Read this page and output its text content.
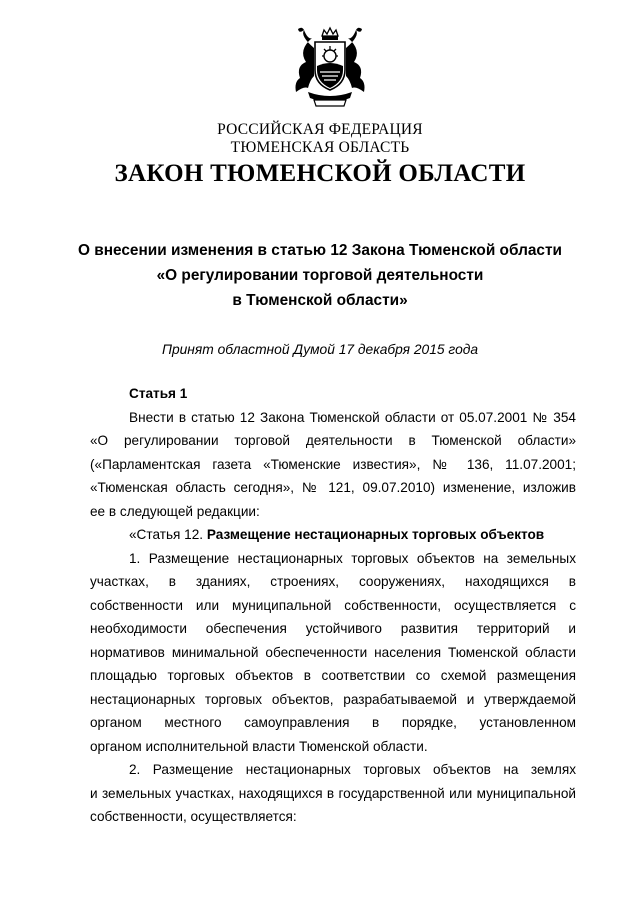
РОССИЙСКАЯ ФЕДЕРАЦИЯ
ТЮМЕНСКАЯ ОБЛАСТЬ
ЗАКОН ТЮМЕНСКОЙ ОБЛАСТИ
О внесении изменения в статью 12 Закона Тюменской области
«О регулировании торговой деятельности
в Тюменской области»
Принят областной Думой 17 декабря 2015 года
Статья 1
Внести в статью 12 Закона Тюменской области от 05.07.2001 № 354
«О регулировании торговой деятельности в Тюменской области»
(«Парламентская газета «Тюменские известия», № 136, 11.07.2001;
«Тюменская область сегодня», № 121, 09.07.2010) изменение, изложив
ее в следующей редакции:
«Статья 12. Размещение нестационарных торговых объектов
1. Размещение нестационарных торговых объектов на земельных
участках, в зданиях, строениях, сооружениях, находящихся в
собственности или муниципальной собственности, осуществляется с
необходимости обеспечения устойчивого развития территорий и
нормативов минимальной обеспеченности населения Тюменской области
площадью торговых объектов в соответствии со схемой размещения
нестационарных торговых объектов, разрабатываемой и утверждаемой
органом местного самоуправления в порядке, установленном
органом исполнительной власти Тюменской области.
2. Размещение нестационарных торговых объектов на землях
и земельных участках, находящихся в государственной или муниципальной
собственности, осуществляется:
